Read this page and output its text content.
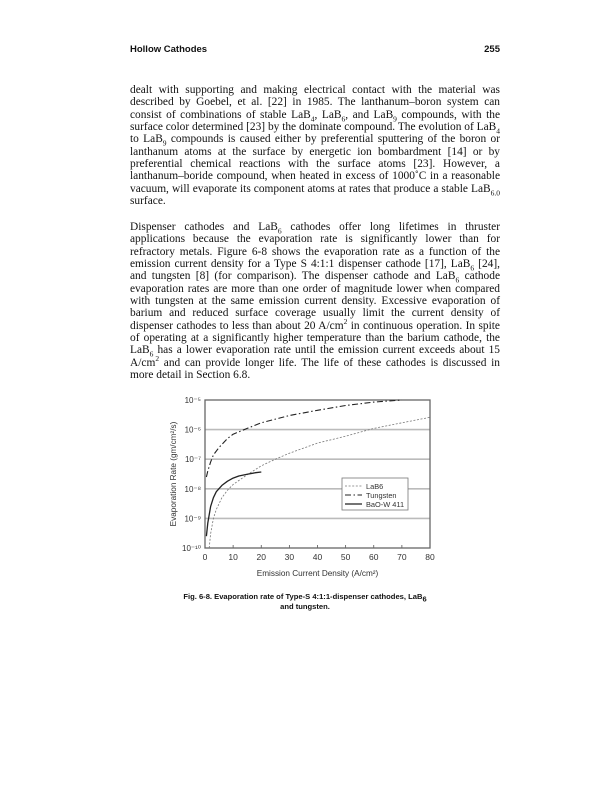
Hollow Cathodes	255

dealt with supporting and making electrical contact with the material was described by Goebel, et al. [22] in 1985. The lanthanum–boron system can consist of combinations of stable LaB$_4$, LaB$_6$, and LaB$_9$ compounds, with the surface color determined [23] by the dominate compound. The evolution of LaB$_4$ to LaB$_9$ compounds is caused either by preferential sputtering of the boron or lanthanum atoms at the surface by energetic ion bombardment [14] or by preferential chemical reactions with the surface atoms [23]. However, a lanthanum–boride compound, when heated in excess of 1000˚C in a reasonable vacuum, will evaporate its component atoms at rates that produce a stable LaB$_{6.0}$ surface.

Dispenser cathodes and LaB$_6$ cathodes offer long lifetimes in thruster applications because the evaporation rate is significantly lower than for refractory metals. Figure 6-8 shows the evaporation rate as a function of the emission current density for a Type S 4:1:1 dispenser cathode [17], LaB$_6$ [24], and tungsten [8] (for comparison). The dispenser cathode and LaB$_6$ cathode evaporation rates are more than one order of magnitude lower when compared with tungsten at the same emission current density. Excessive evaporation of barium and reduced surface coverage usually limit the current density of dispenser cathodes to less than about 20 $A/cm^2$ in continuous operation. In spite of operating at a significantly higher temperature than the barium cathode, the LaB$_6$ has a lower evaporation rate until the emission current exceeds about 15 $A/cm^2$ and can provide longer life. The life of these cathodes is discussed in more detail in Section 6.8.

10⁻¹⁰
10⁻⁹
10⁻⁸
10⁻⁷
10⁻⁶
10⁻⁵
0 10 20 30 40 50 60 70 80
Emission Current Density (A/cm²)
Evaporation Rate (gm/cm²/s)	LaB6
Tungsten
BaO-W 411
Fig. 6-8. Evaporation rate of Type-S 4:1:1-dispenser cathodes, LaB$_6$
and tungsten.
